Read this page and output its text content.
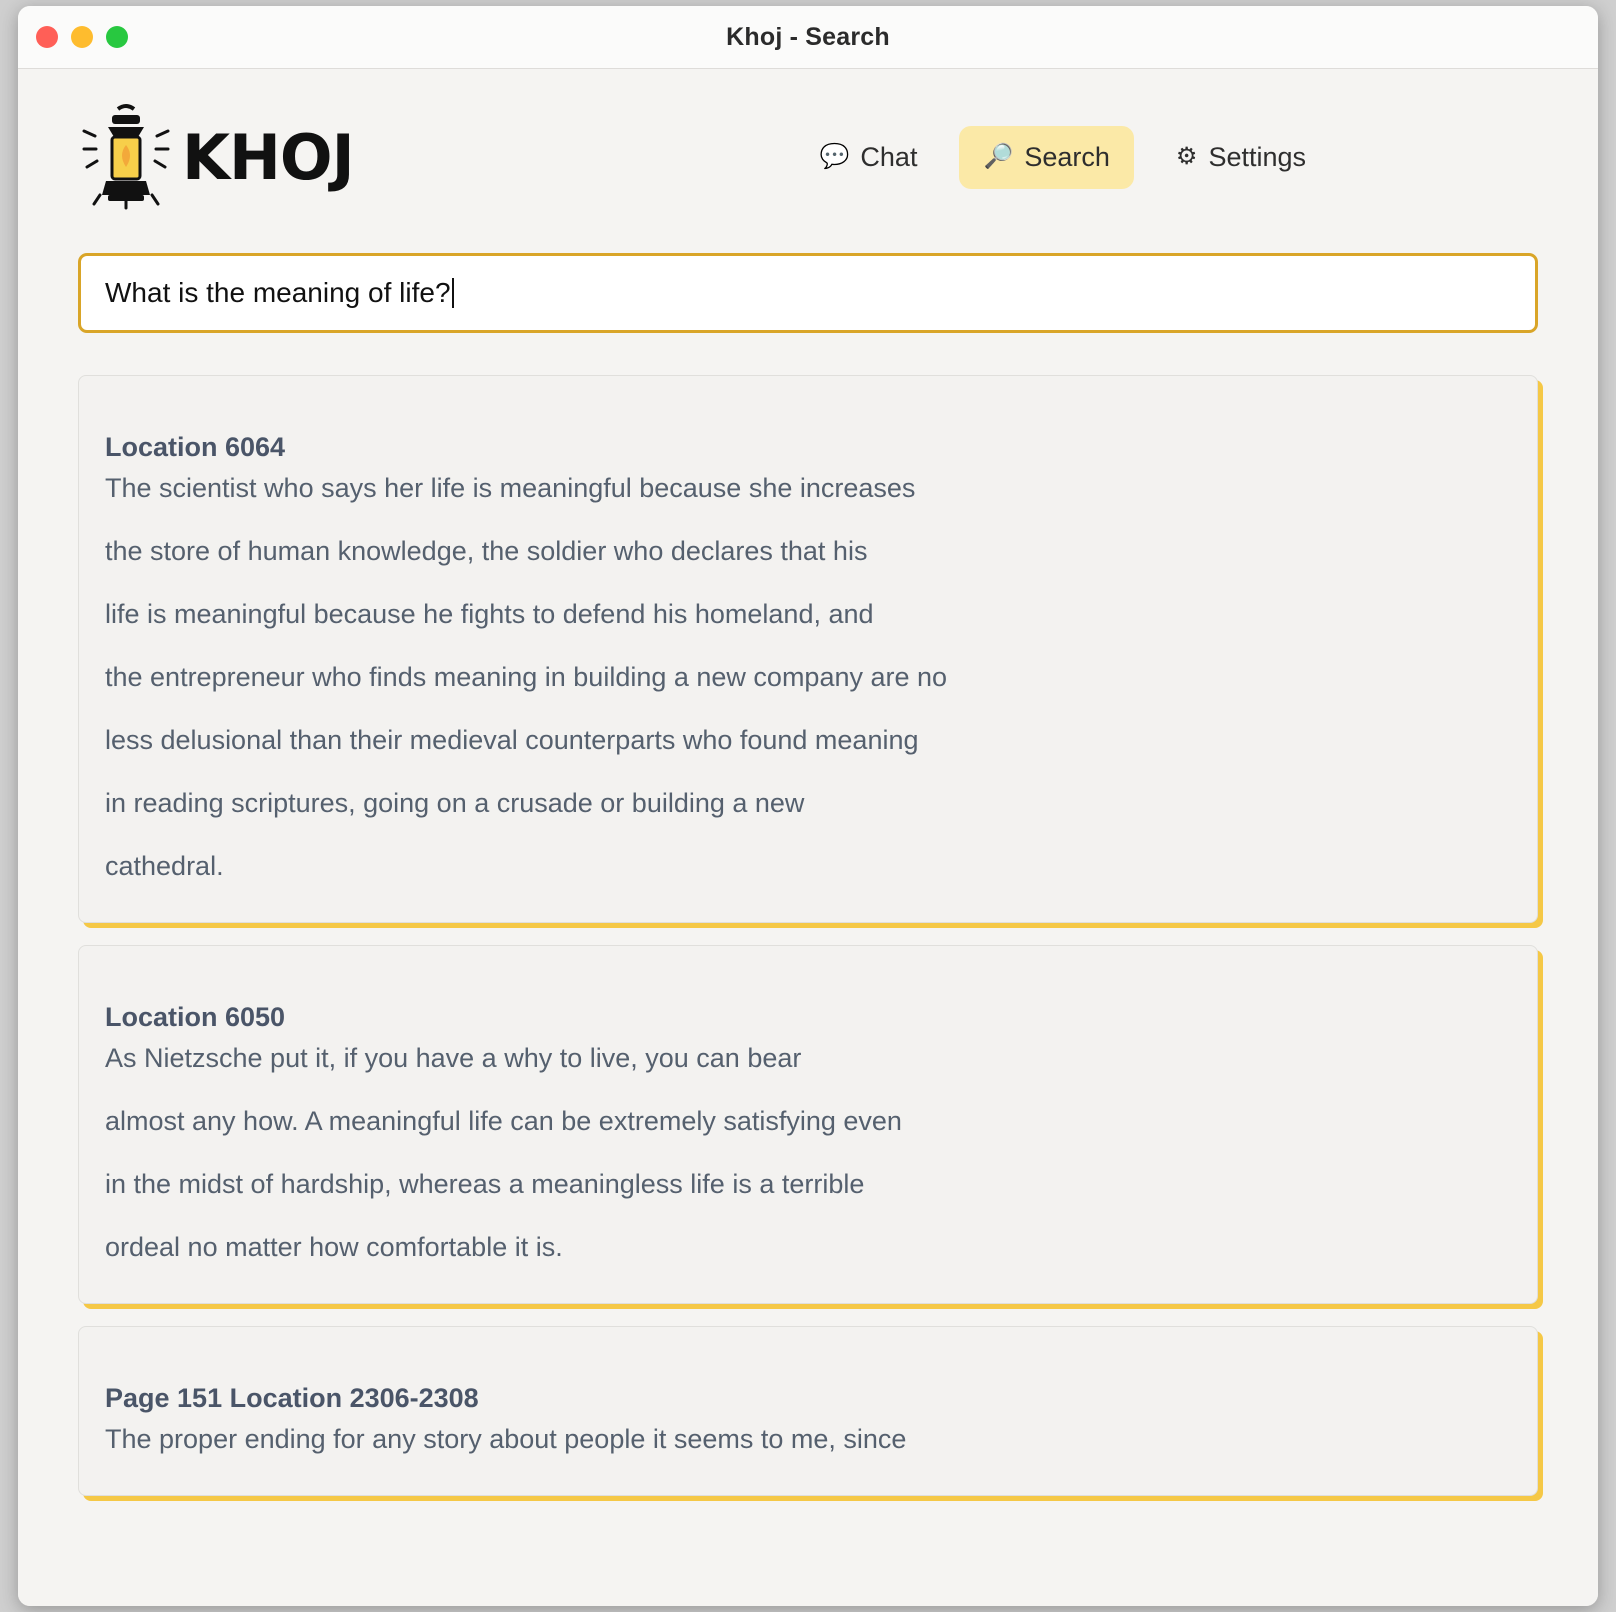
Khoj - Search
KHOJ	💬 Chat	🔎 Search	⚙ Settings
What is the meaning of life?
Location 6064

The scientist who says her life is meaningful because she increases

the store of human knowledge, the soldier who declares that his

life is meaningful because he fights to defend his homeland, and

the entrepreneur who finds meaning in building a new company are no

less delusional than their medieval counterparts who found meaning

in reading scriptures, going on a crusade or building a new

cathedral.

Location 6050

As Nietzsche put it, if you have a why to live, you can bear

almost any how. A meaningful life can be extremely satisfying even

in the midst of hardship, whereas a meaningless life is a terrible

ordeal no matter how comfortable it is.

Page 151 Location 2306-2308

The proper ending for any story about people it seems to me, since
